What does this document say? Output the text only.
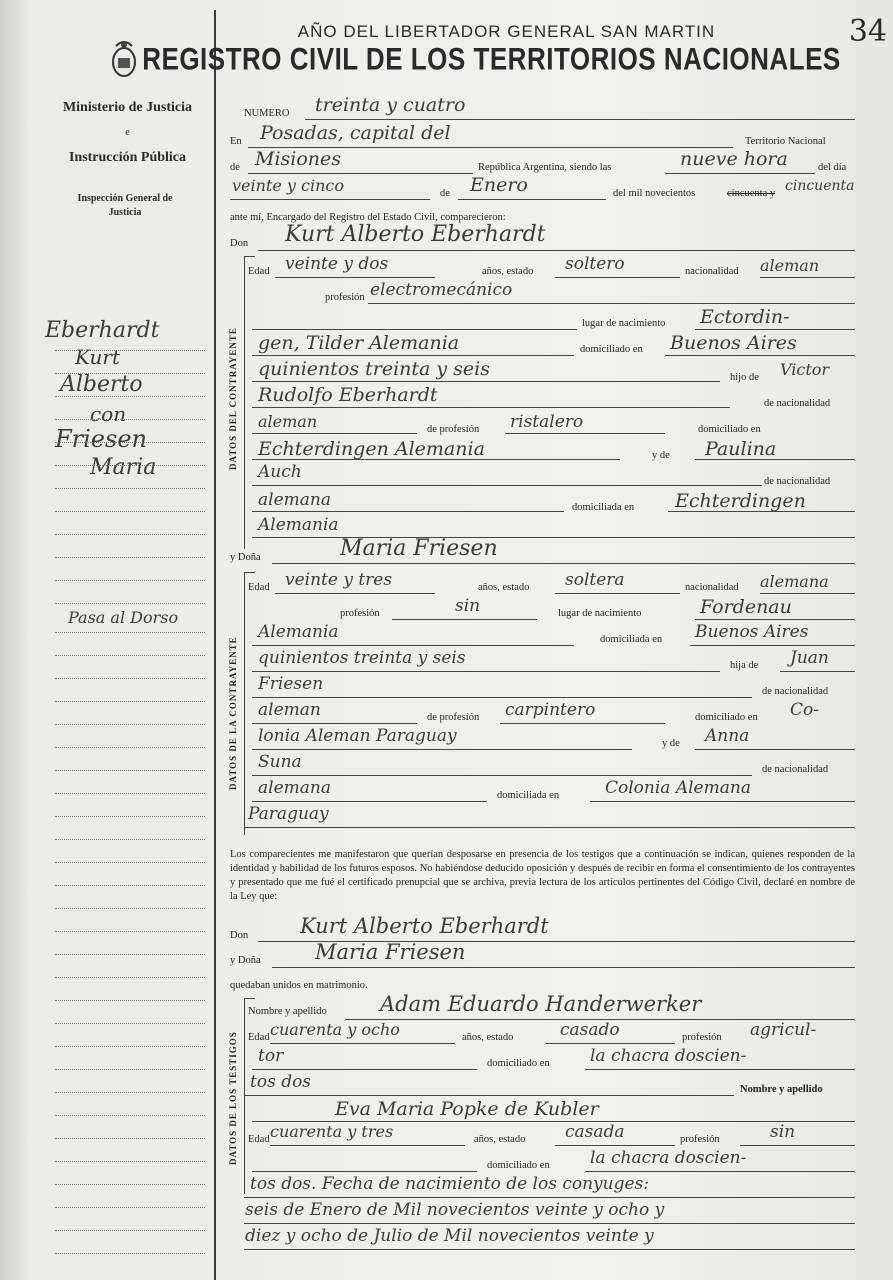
Ministerio de Justicia
e
Instrucción Pública
Inspección General de Justicia
Eberhardt
Kurt
Alberto
con
Friesen
Maria
Pasa al Dorso
AÑO DEL LIBERTADOR GENERAL SAN MARTIN
REGISTRO CIVIL DE LOS TERRITORIOS NACIONALES
34
NUMERO treinta y cuatro
En Posadas, capital del	Territorio Nacional
de Misiones	República Argentina, siendo las	nueve hora	del día
veinte y cinco	de Enero	del mil novecientos	cincuenta y cincuenta
ante mí, Encargado del Registro del Estado Civil, comparecieron:
Don Kurt Alberto Eberhardt
DATOS DEL CONTRAYENTE
Edad veinte y dos	años, estado soltero	nacionalidad aleman
profesión electromecánico
lugar de nacimiento Ectordin-
gen, Tilder Alemania	domiciliado en Buenos Aires
quinientos treinta y seis	hijo de Victor
Rudolfo Eberhardt	de nacionalidad
aleman	de profesión ristalero	domiciliado en
Echterdingen Alemania	y de Paulina
Auch	de nacionalidad
alemana	domiciliada en Echterdingen
Alemania
y Doña	Maria Friesen
DATOS DE LA CONTRAYENTE
Edad veinte y tres	años, estado soltera	nacionalidad alemana
profesión	sin	lugar de nacimiento	Fordenau
Alemania	domiciliada en Buenos Aires
quinientos treinta y seis	hija de Juan
Friesen	de nacionalidad
aleman	de profesión carpintero	domiciliado en Co-
lonia Aleman Paraguay	y de Anna
Suna	de nacionalidad
alemana	domiciliada en	Colonia Alemana
Paraguay
Los comparecientes me manifestaron que querían desposarse en presencia de los testigos que a continuación se indican, quienes responden de la identidad y habilidad de los futuros esposos. No habiéndose deducido oposición y después de recibir en forma el consentimiento de los contrayentes y presentado que me fué el certificado prenupcial que se archiva, previa lectura de los artículos pertinentes del Código Civil, declaré en nombre de la Ley que:
Don Kurt Alberto Eberhardt
y Doña	Maria Friesen
quedaban unidos en matrimonio.
DATOS DE LOS TESTIGOS
Nombre y apellido	Adam Eduardo Handerwerker
Edad cuarenta y ocho	años, estado	casado	profesión agricul-
tor	domiciliado en la chacra doscien-
tos dos	Nombre y apellido
Eva Maria Popke de Kubler
Edad cuarenta y tres	años, estado casada	profesión	sin
domiciliado en la chacra doscien-
tos dos. Fecha de nacimiento de los conyuges:
seis de Enero de Mil novecientos veinte y ocho y
diez y ocho de Julio de Mil novecientos veinte y
